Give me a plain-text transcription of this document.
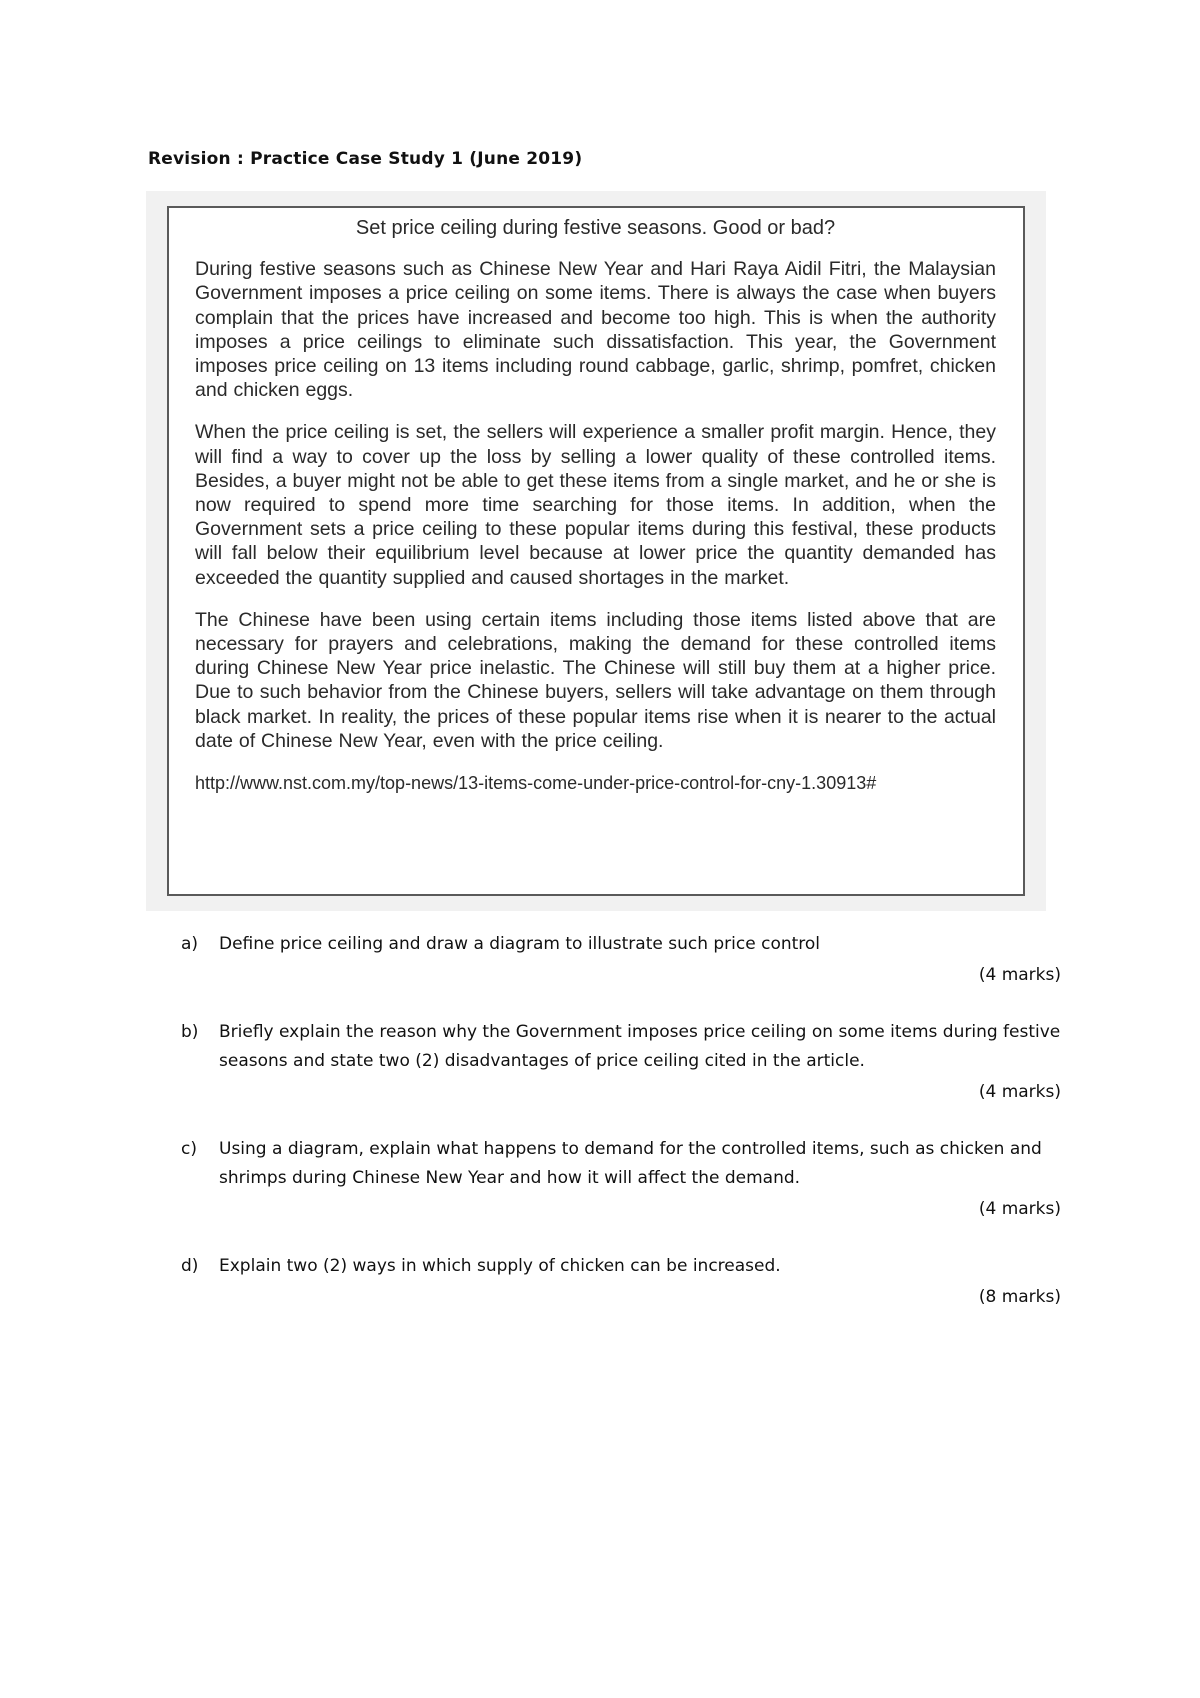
Revision : Practice Case Study 1 (June 2019)
Set price ceiling during festive seasons. Good or bad?

During festive seasons such as Chinese New Year and Hari Raya Aidil Fitri, the Malaysian Government imposes a price ceiling on some items. There is always the case when buyers complain that the prices have increased and become too high. This is when the authority imposes a price ceilings to eliminate such dissatisfaction. This year, the Government imposes price ceiling on 13 items including round cabbage, garlic, shrimp, pomfret, chicken and chicken eggs.

When the price ceiling is set, the sellers will experience a smaller profit margin. Hence, they will find a way to cover up the loss by selling a lower quality of these controlled items. Besides, a buyer might not be able to get these items from a single market, and he or she is now required to spend more time searching for those items. In addition, when the Government sets a price ceiling to these popular items during this festival, these products will fall below their equilibrium level because at lower price the quantity demanded has exceeded the quantity supplied and caused shortages in the market.

The Chinese have been using certain items including those items listed above that are necessary for prayers and celebrations, making the demand for these controlled items during Chinese New Year price inelastic. The Chinese will still buy them at a higher price. Due to such behavior from the Chinese buyers, sellers will take advantage on them through black market. In reality, the prices of these popular items rise when it is nearer to the actual date of Chinese New Year, even with the price ceiling.

http://www.nst.com.my/top-news/13-items-come-under-price-control-for-cny-1.30913#

a) Define price ceiling and draw a diagram to illustrate such price control
(4 marks)
b) Briefly explain the reason why the Government imposes price ceiling on some items during festive seasons and state two (2) disadvantages of price ceiling cited in the article.
(4 marks)
c) Using a diagram, explain what happens to demand for the controlled items, such as chicken and shrimps during Chinese New Year and how it will affect the demand.
(4 marks)
d) Explain two (2) ways in which supply of chicken can be increased.
(8 marks)
